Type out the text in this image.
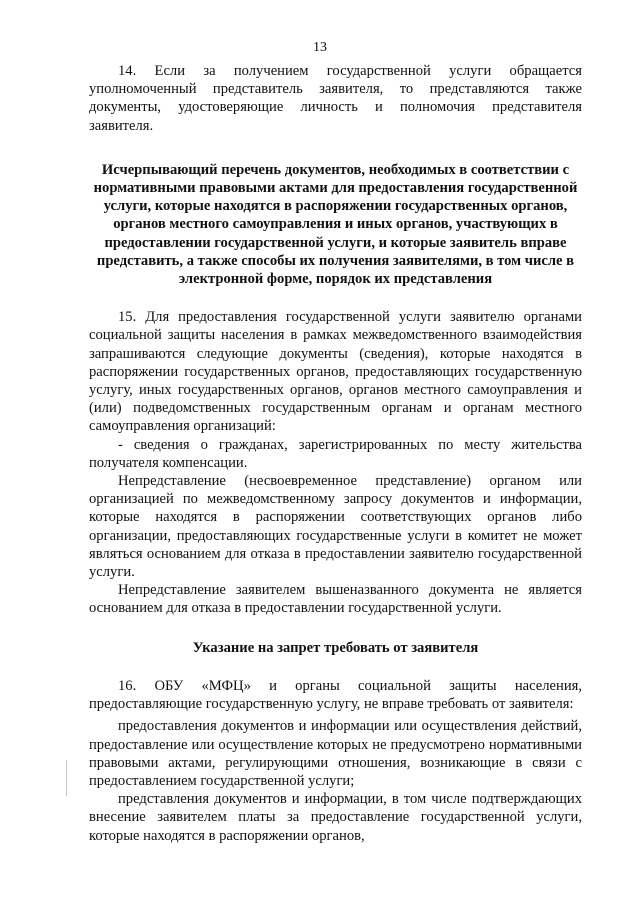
13

14. Если за получением государственной услуги обращается уполномоченный представитель заявителя, то представляются также документы, удостоверяющие личность и полномочия представителя заявителя.

Исчерпывающий перечень документов, необходимых в соответствии с нормативными правовыми актами для предоставления государственной услуги, которые находятся в распоряжении государственных органов, органов местного самоуправления и иных органов, участвующих в предоставлении государственной услуги, и которые заявитель вправе представить, а также способы их получения заявителями, в том числе в электронной форме, порядок их представления

15. Для предоставления государственной услуги заявителю органами социальной защиты населения в рамках межведомственного взаимодействия запрашиваются следующие документы (сведения), которые находятся в распоряжении государственных органов, предоставляющих государственную услугу, иных государственных органов, органов местного самоуправления и (или) подведомственных государственным органам и органам местного самоуправления организаций:

- сведения о гражданах, зарегистрированных по месту жительства получателя компенсации.

Непредставление (несвоевременное представление) органом или организацией по межведомственному запросу документов и информации, которые находятся в распоряжении соответствующих органов либо организации, предоставляющих государственные услуги в комитет не может являться основанием для отказа в предоставлении заявителю государственной услуги.

Непредставление заявителем вышеназванного документа не является основанием для отказа в предоставлении государственной услуги.

Указание на запрет требовать от заявителя

16. ОБУ «МФЦ» и органы социальной защиты населения, предоставляющие государственную услугу, не вправе требовать от заявителя:

предоставления документов и информации или осуществления действий, предоставление или осуществление которых не предусмотрено нормативными правовыми актами, регулирующими отношения, возникающие в связи с предоставлением государственной услуги;

представления документов и информации, в том числе подтверждающих внесение заявителем платы за предоставление государственной услуги, которые находятся в распоряжении органов,
